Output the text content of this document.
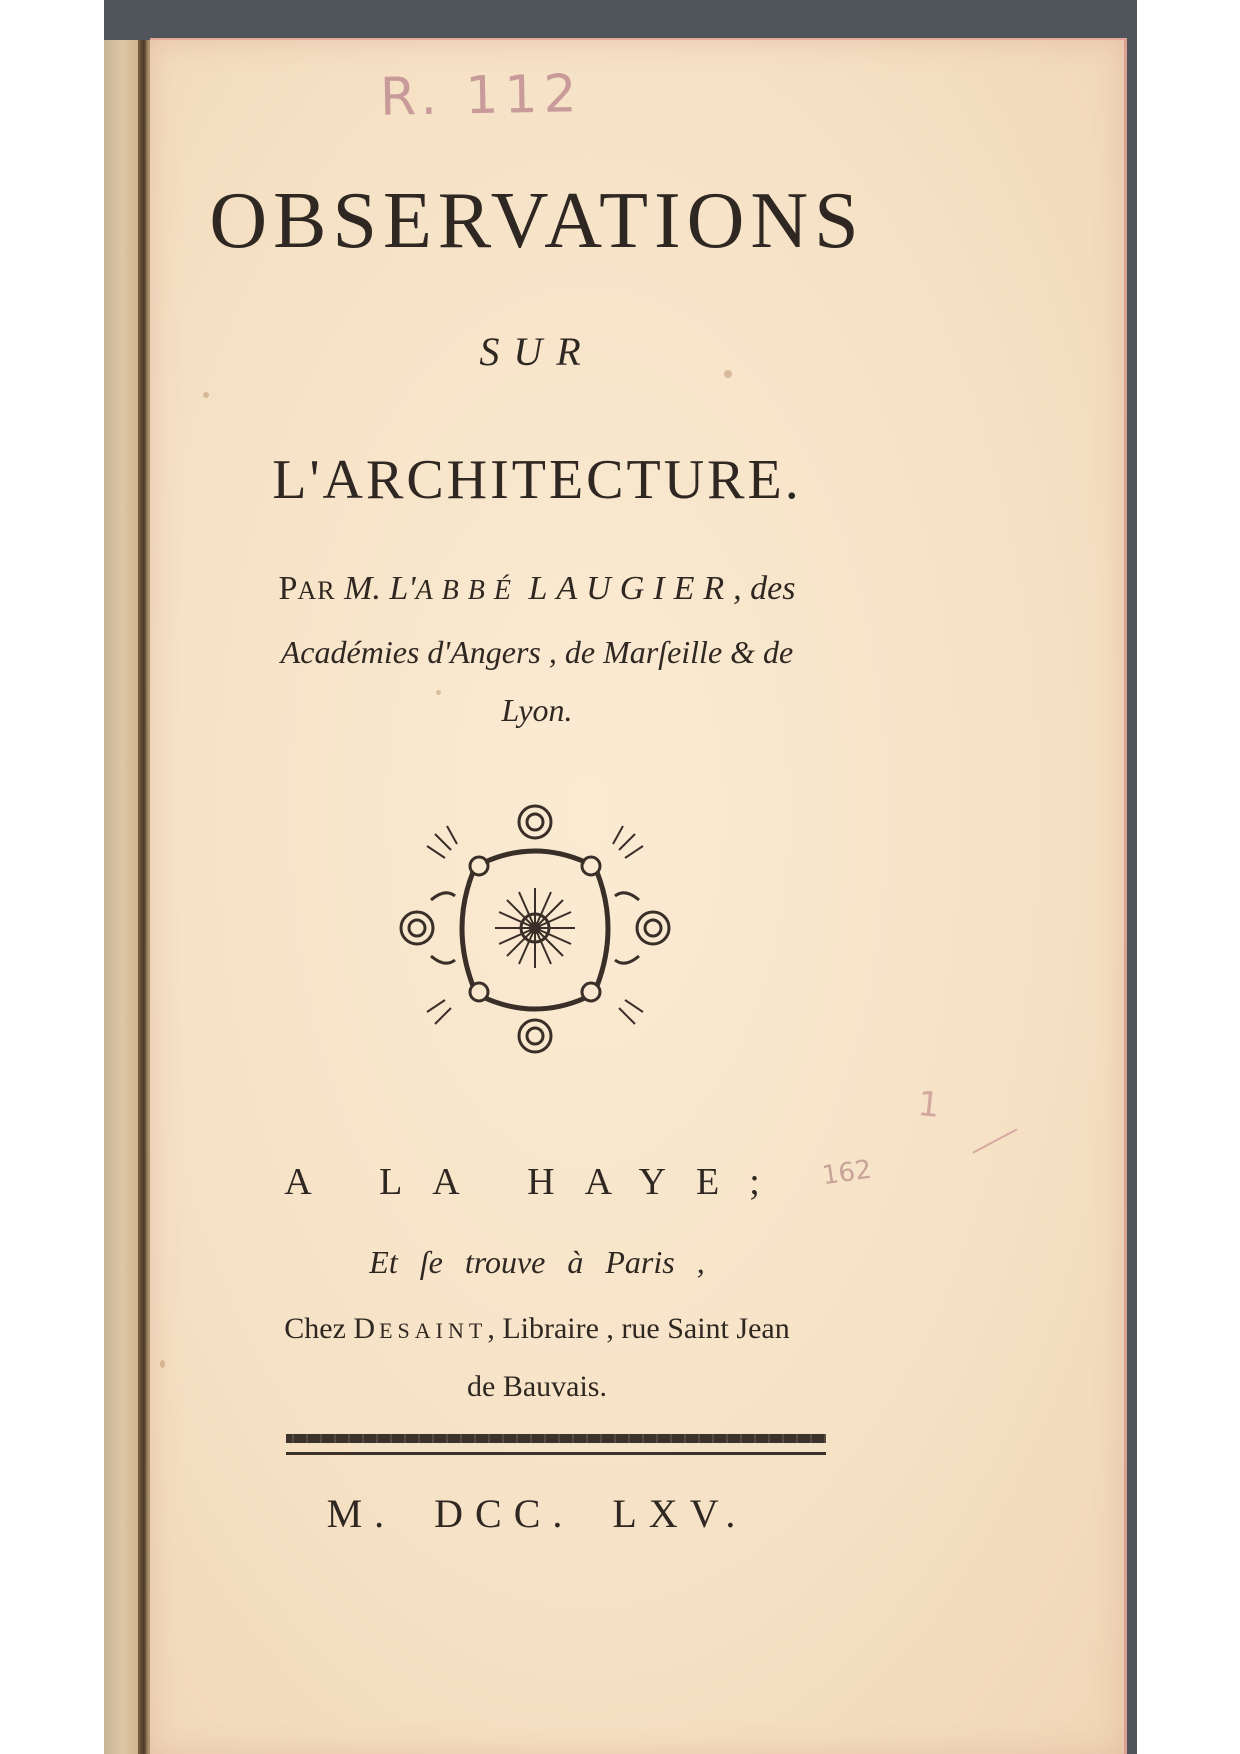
R. 112
162
1
OBSERVATIONS
SUR
L'ARCHITECTURE.
PAR M. L'ABBÉ LAUGIER, des
Académies d'Angers , de Marſeille & de
Lyon.
A LA HAYE;
Et ſe trouve à Paris ,
Chez DESAINT, Libraire , rue Saint Jean
de Bauvais.
M. DCC. LXV.
